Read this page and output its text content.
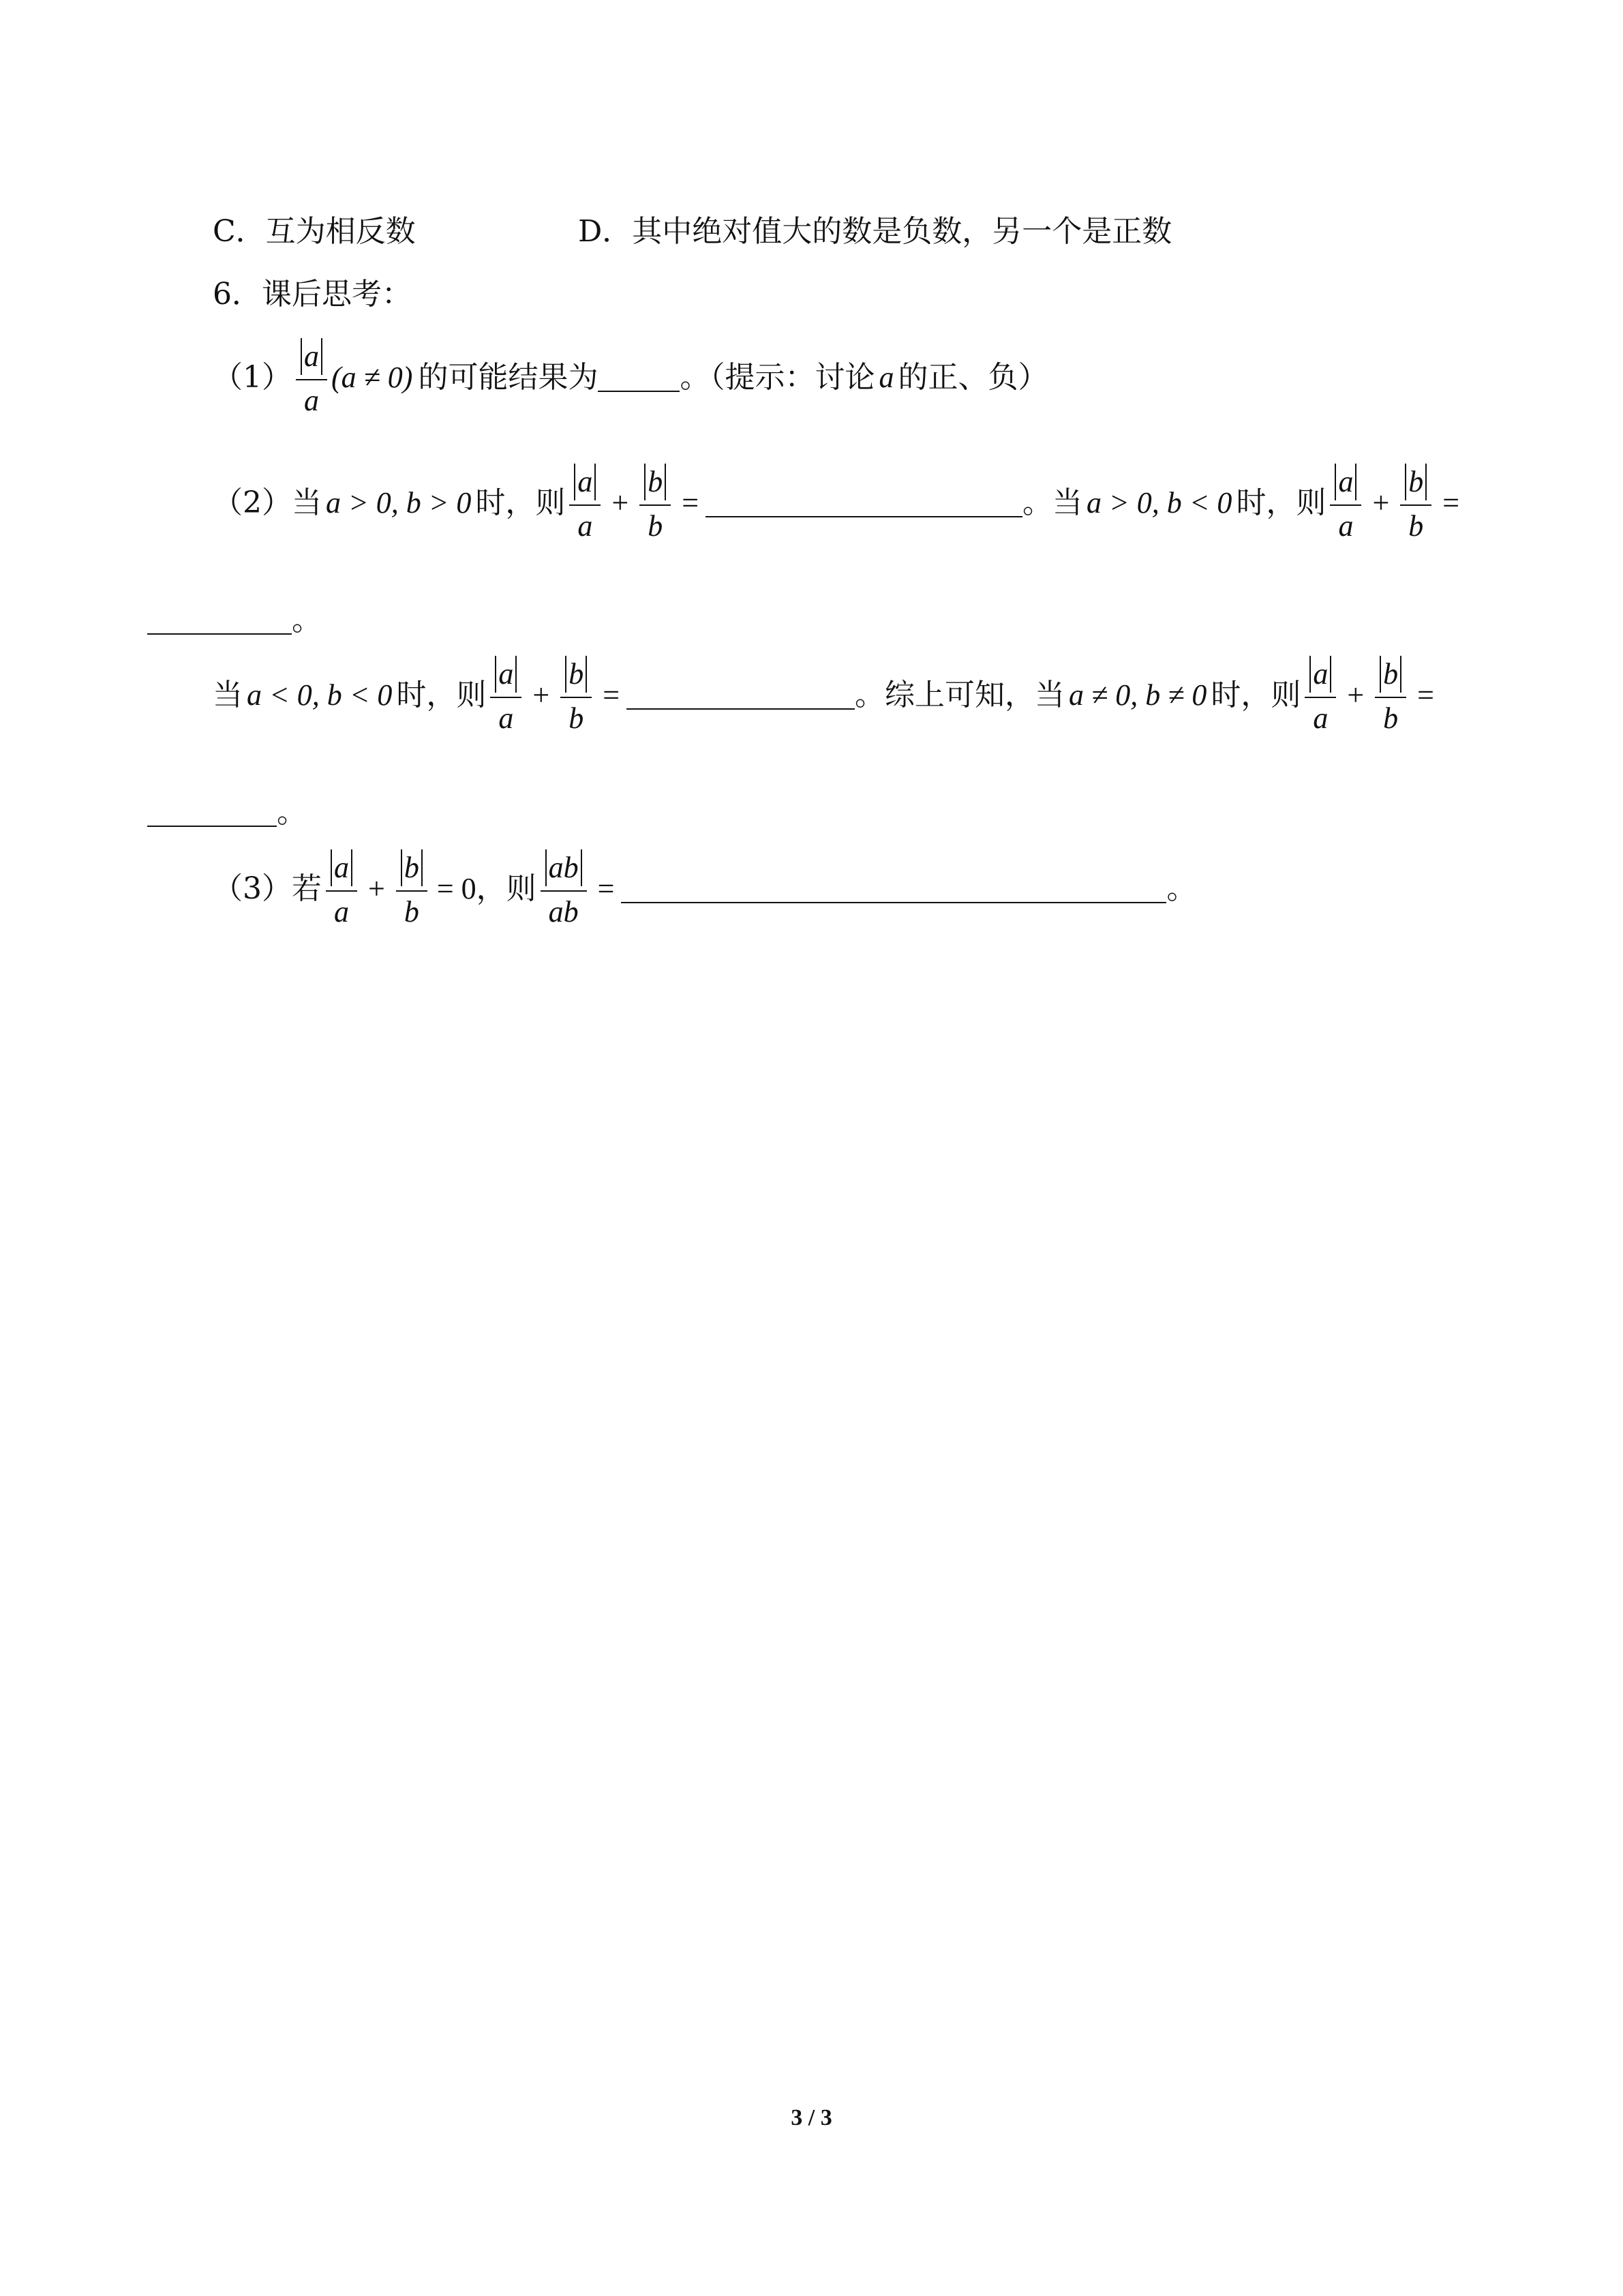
C．互为相反数	D．其中绝对值大的数是负数，另一个是正数
6．课后思考：
$(1) \frac{a}{a} (a \ne 0)$ 的可能结果为	。（提示：讨论 a 的正、负）
（2）当 a > 0, b > 0 时，则 $\frac{a}{a} + \frac{b}{b}$ =	。 当 a > 0, b < 0 时，则 $\frac{a}{a} + \frac{b}{b}$ =
。
当 a < 0, b < 0 时，则 $\frac{a}{a} + \frac{b}{b}$ =	。综上可知，当 a ≠ 0, b ≠ 0 时，则 $\frac{a}{a} + \frac{b}{b}$ =
。
（3）若 $\frac{a}{a} + \frac{b}{b} = 0$ ，则 $\frac{ab}{ab}$ =	。
3 / 3
